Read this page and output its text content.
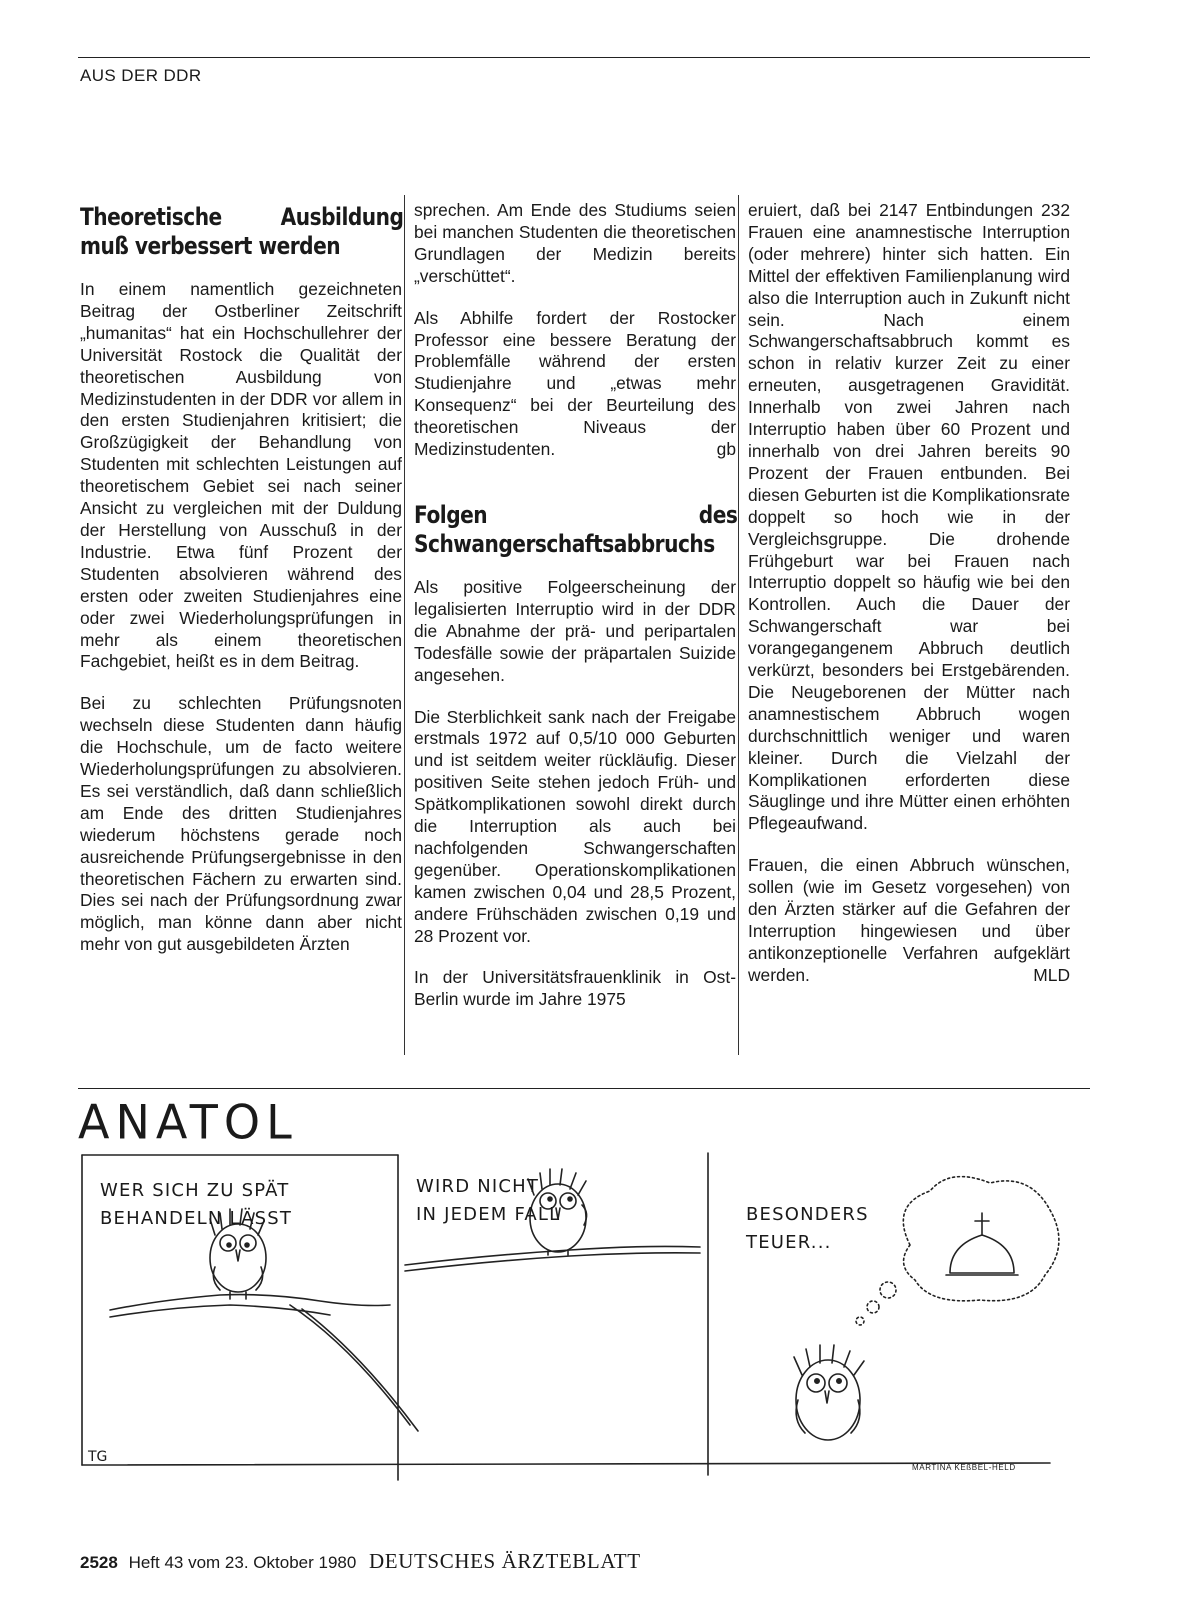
AUS DER DDR
Theoretische Ausbildung muß verbessert werden

In einem namentlich gezeichneten Beitrag der Ostberliner Zeitschrift „humanitas“ hat ein Hochschullehrer der Universität Rostock die Qualität der theoretischen Ausbildung von Medizinstudenten in der DDR vor allem in den ersten Studienjahren kritisiert; die Großzügigkeit der Behandlung von Studenten mit schlechten Leistungen auf theoretischem Gebiet sei nach seiner Ansicht zu vergleichen mit der Duldung der Herstellung von Ausschuß in der Industrie. Etwa fünf Prozent der Studenten absolvieren während des ersten oder zweiten Studienjahres eine oder zwei Wiederholungsprüfungen in mehr als einem theoretischen Fachgebiet, heißt es in dem Beitrag.

Bei zu schlechten Prüfungsnoten wechseln diese Studenten dann häufig die Hochschule, um de facto weitere Wiederholungsprüfungen zu absolvieren. Es sei verständlich, daß dann schließlich am Ende des dritten Studienjahres wiederum höchstens gerade noch ausreichende Prüfungsergebnisse in den theoretischen Fächern zu erwarten sind. Dies sei nach der Prüfungsordnung zwar möglich, man könne dann aber nicht mehr von gut ausgebildeten Ärzten

sprechen. Am Ende des Studiums seien bei manchen Studenten die theoretischen Grundlagen der Medizin bereits „verschüttet“.

Als Abhilfe fordert der Rostocker Professor eine bessere Beratung der Problemfälle während der ersten Studienjahre und „etwas mehr Konsequenz“ bei der Beurteilung des theoretischen Niveaus der Medizinstudenten.	gb

Folgen des Schwangerschaftsabbruchs

Als positive Folgeerscheinung der legalisierten Interruptio wird in der DDR die Abnahme der prä- und peripartalen Todesfälle sowie der präpartalen Suizide angesehen.

Die Sterblichkeit sank nach der Freigabe erstmals 1972 auf 0,5/10 000 Geburten und ist seitdem weiter rückläufig. Dieser positiven Seite stehen jedoch Früh- und Spätkomplikationen sowohl direkt durch die Interruption als auch bei nachfolgenden Schwangerschaften gegenüber. Operationskomplikationen kamen zwischen 0,04 und 28,5 Prozent, andere Frühschäden zwischen 0,19 und 28 Prozent vor.

In der Universitätsfrauenklinik in Ost-Berlin wurde im Jahre 1975

eruiert, daß bei 2147 Entbindungen 232 Frauen eine anamnestische Interruption (oder mehrere) hinter sich hatten. Ein Mittel der effektiven Familienplanung wird also die Interruption auch in Zukunft nicht sein. Nach einem Schwangerschaftsabbruch kommt es schon in relativ kurzer Zeit zu einer erneuten, ausgetragenen Gravidität. Innerhalb von zwei Jahren nach Interruptio haben über 60 Prozent und innerhalb von drei Jahren bereits 90 Prozent der Frauen entbunden. Bei diesen Geburten ist die Komplikationsrate doppelt so hoch wie in der Vergleichsgruppe. Die drohende Frühgeburt war bei Frauen nach Interruptio doppelt so häufig wie bei den Kontrollen. Auch die Dauer der Schwangerschaft war bei vorangegangenem Abbruch deutlich verkürzt, besonders bei Erstgebärenden. Die Neugeborenen der Mütter nach anamnestischem Abbruch wogen durchschnittlich weniger und waren kleiner. Durch die Vielzahl der Komplikationen erforderten diese Säuglinge und ihre Mütter einen erhöhten Pflegeaufwand.

Frauen, die einen Abbruch wünschen, sollen (wie im Gesetz vorgesehen) von den Ärzten stärker auf die Gefahren der Interruption hingewiesen und über antikonzeptionelle Verfahren aufgeklärt werden.	MLD

ANATOL
WER SICH ZU SPÄT
BEHANDELN LÄSST
WIRD NICHT
IN JEDEM FALL	BESONDERS
TEUER...
TG
MARTINA KEßBEL-HELD
2528 Heft 43 vom 23. Oktober 1980 DEUTSCHES ÄRZTEBLATT
